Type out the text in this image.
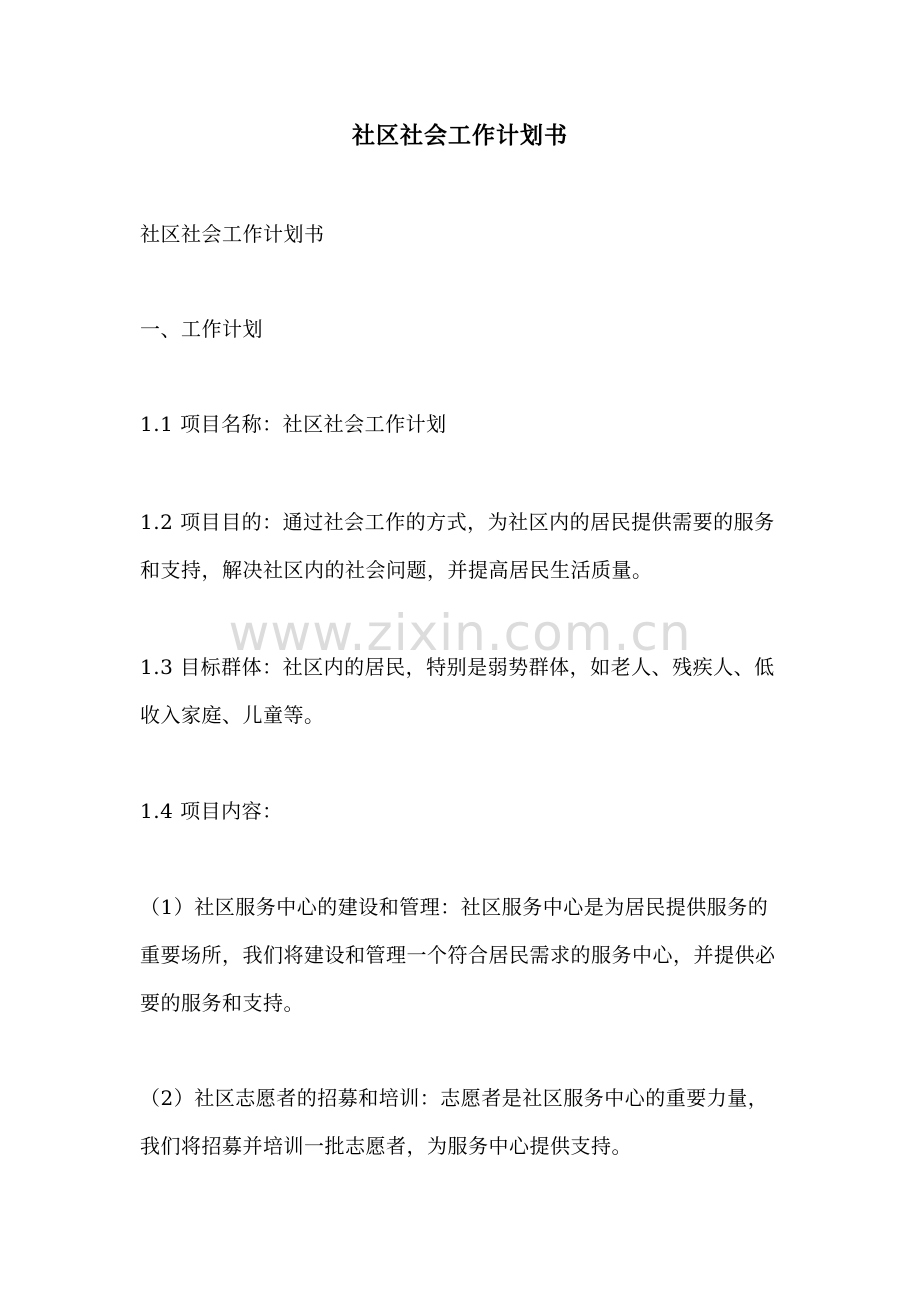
社区社会工作计划书
社区社会工作计划书
一、工作计划
1.1 项目名称：社区社会工作计划
1.2 项目目的：通过社会工作的方式，为社区内的居民提供需要的服务和支持，解决社区内的社会问题，并提高居民生活质量。
1.3 目标群体：社区内的居民，特别是弱势群体，如老人、残疾人、低收入家庭、儿童等。
1.4 项目内容：
（1）社区服务中心的建设和管理：社区服务中心是为居民提供服务的重要场所，我们将建设和管理一个符合居民需求的服务中心，并提供必要的服务和支持。
（2）社区志愿者的招募和培训：志愿者是社区服务中心的重要力量，我们将招募并培训一批志愿者，为服务中心提供支持。
www.zixin.com.cn
